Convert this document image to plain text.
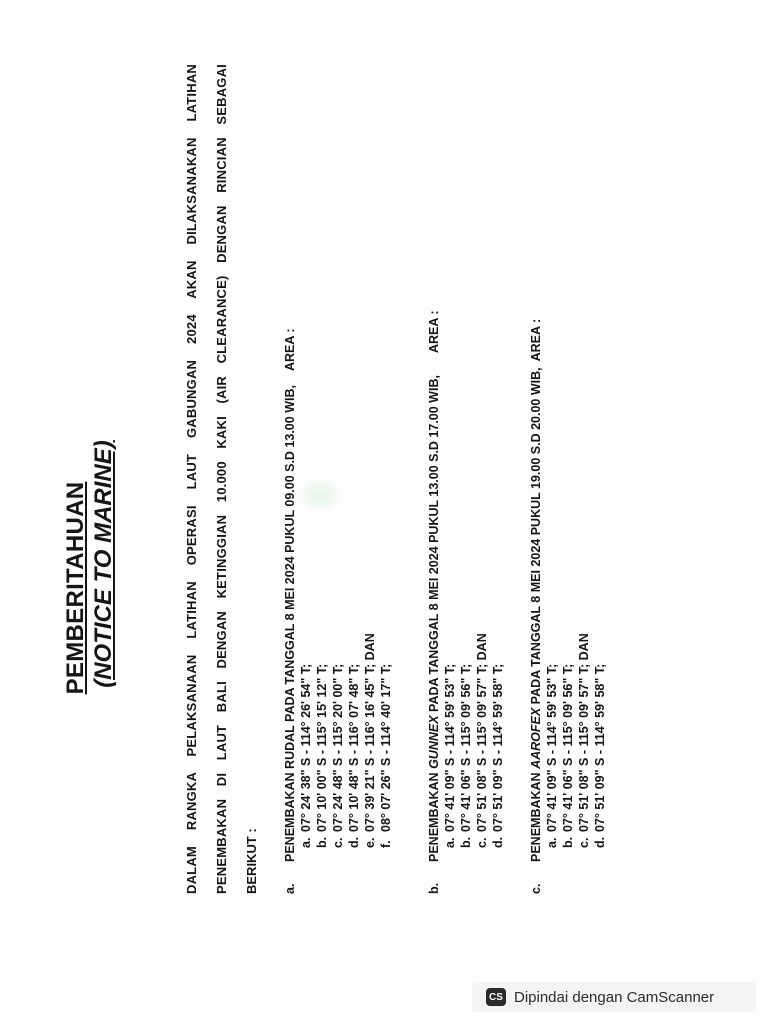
PEMBERITAHUAN (NOTICE TO MARINE)	DALAM RANGKA PELAKSANAAN LATIHAN OPERASI LAUT GABUNGAN 2024 AKAN DILAKSANAKAN LATIHAN	PENEMBAKAN DI LAUT BALI DENGAN KETINGGIAN 10.000 KAKI (AIR CLEARANCE) DENGAN RINCIAN SEBAGAI	BERIKUT :	a.
PENEMBAKAN RUDAL PADA TANGGAL 8 MEI 2024 PUKUL 09.00 S.D 13.00 WIB,
AREA :
a.
07° 24' 38" S - 114° 26' 54" T;
b.
07° 10' 00" S - 115° 15' 12" T;
c.
07° 24' 48" S - 115° 20' 00" T;
d.
07° 10' 48" S - 116° 07' 48" T;
e.
07° 39' 21" S - 116° 16' 45" T; DAN
f.
08° 07' 26" S - 114° 40' 17" T;
b.
PENEMBAKAN

GUNNEX

PADA TANGGAL 8 MEI 2024 PUKUL 13.00 S.D 17.00 WIB,
AREA :
a.
07° 41' 09" S - 114° 59' 53" T;
b.
07° 41' 06" S - 115° 09' 56" T;
c.
07° 51' 08" S - 115° 09' 57" T; DAN
d.
07° 51' 09" S - 114° 59' 58" T;
c.
PENEMBAKAN

AAROFEX

PADA TANGGAL 8 MEI 2024 PUKUL 19.00 S.D 20.00 WIB,
AREA :
a.
07° 41' 09" S - 114° 59' 53" T;
b.
07° 41' 06" S - 115° 09' 56" T;
c.
07° 51' 08" S - 115° 09' 57" T; DAN
d.
07° 51' 09" S - 114° 59' 58" T;
CS Dipindai dengan CamScanner
